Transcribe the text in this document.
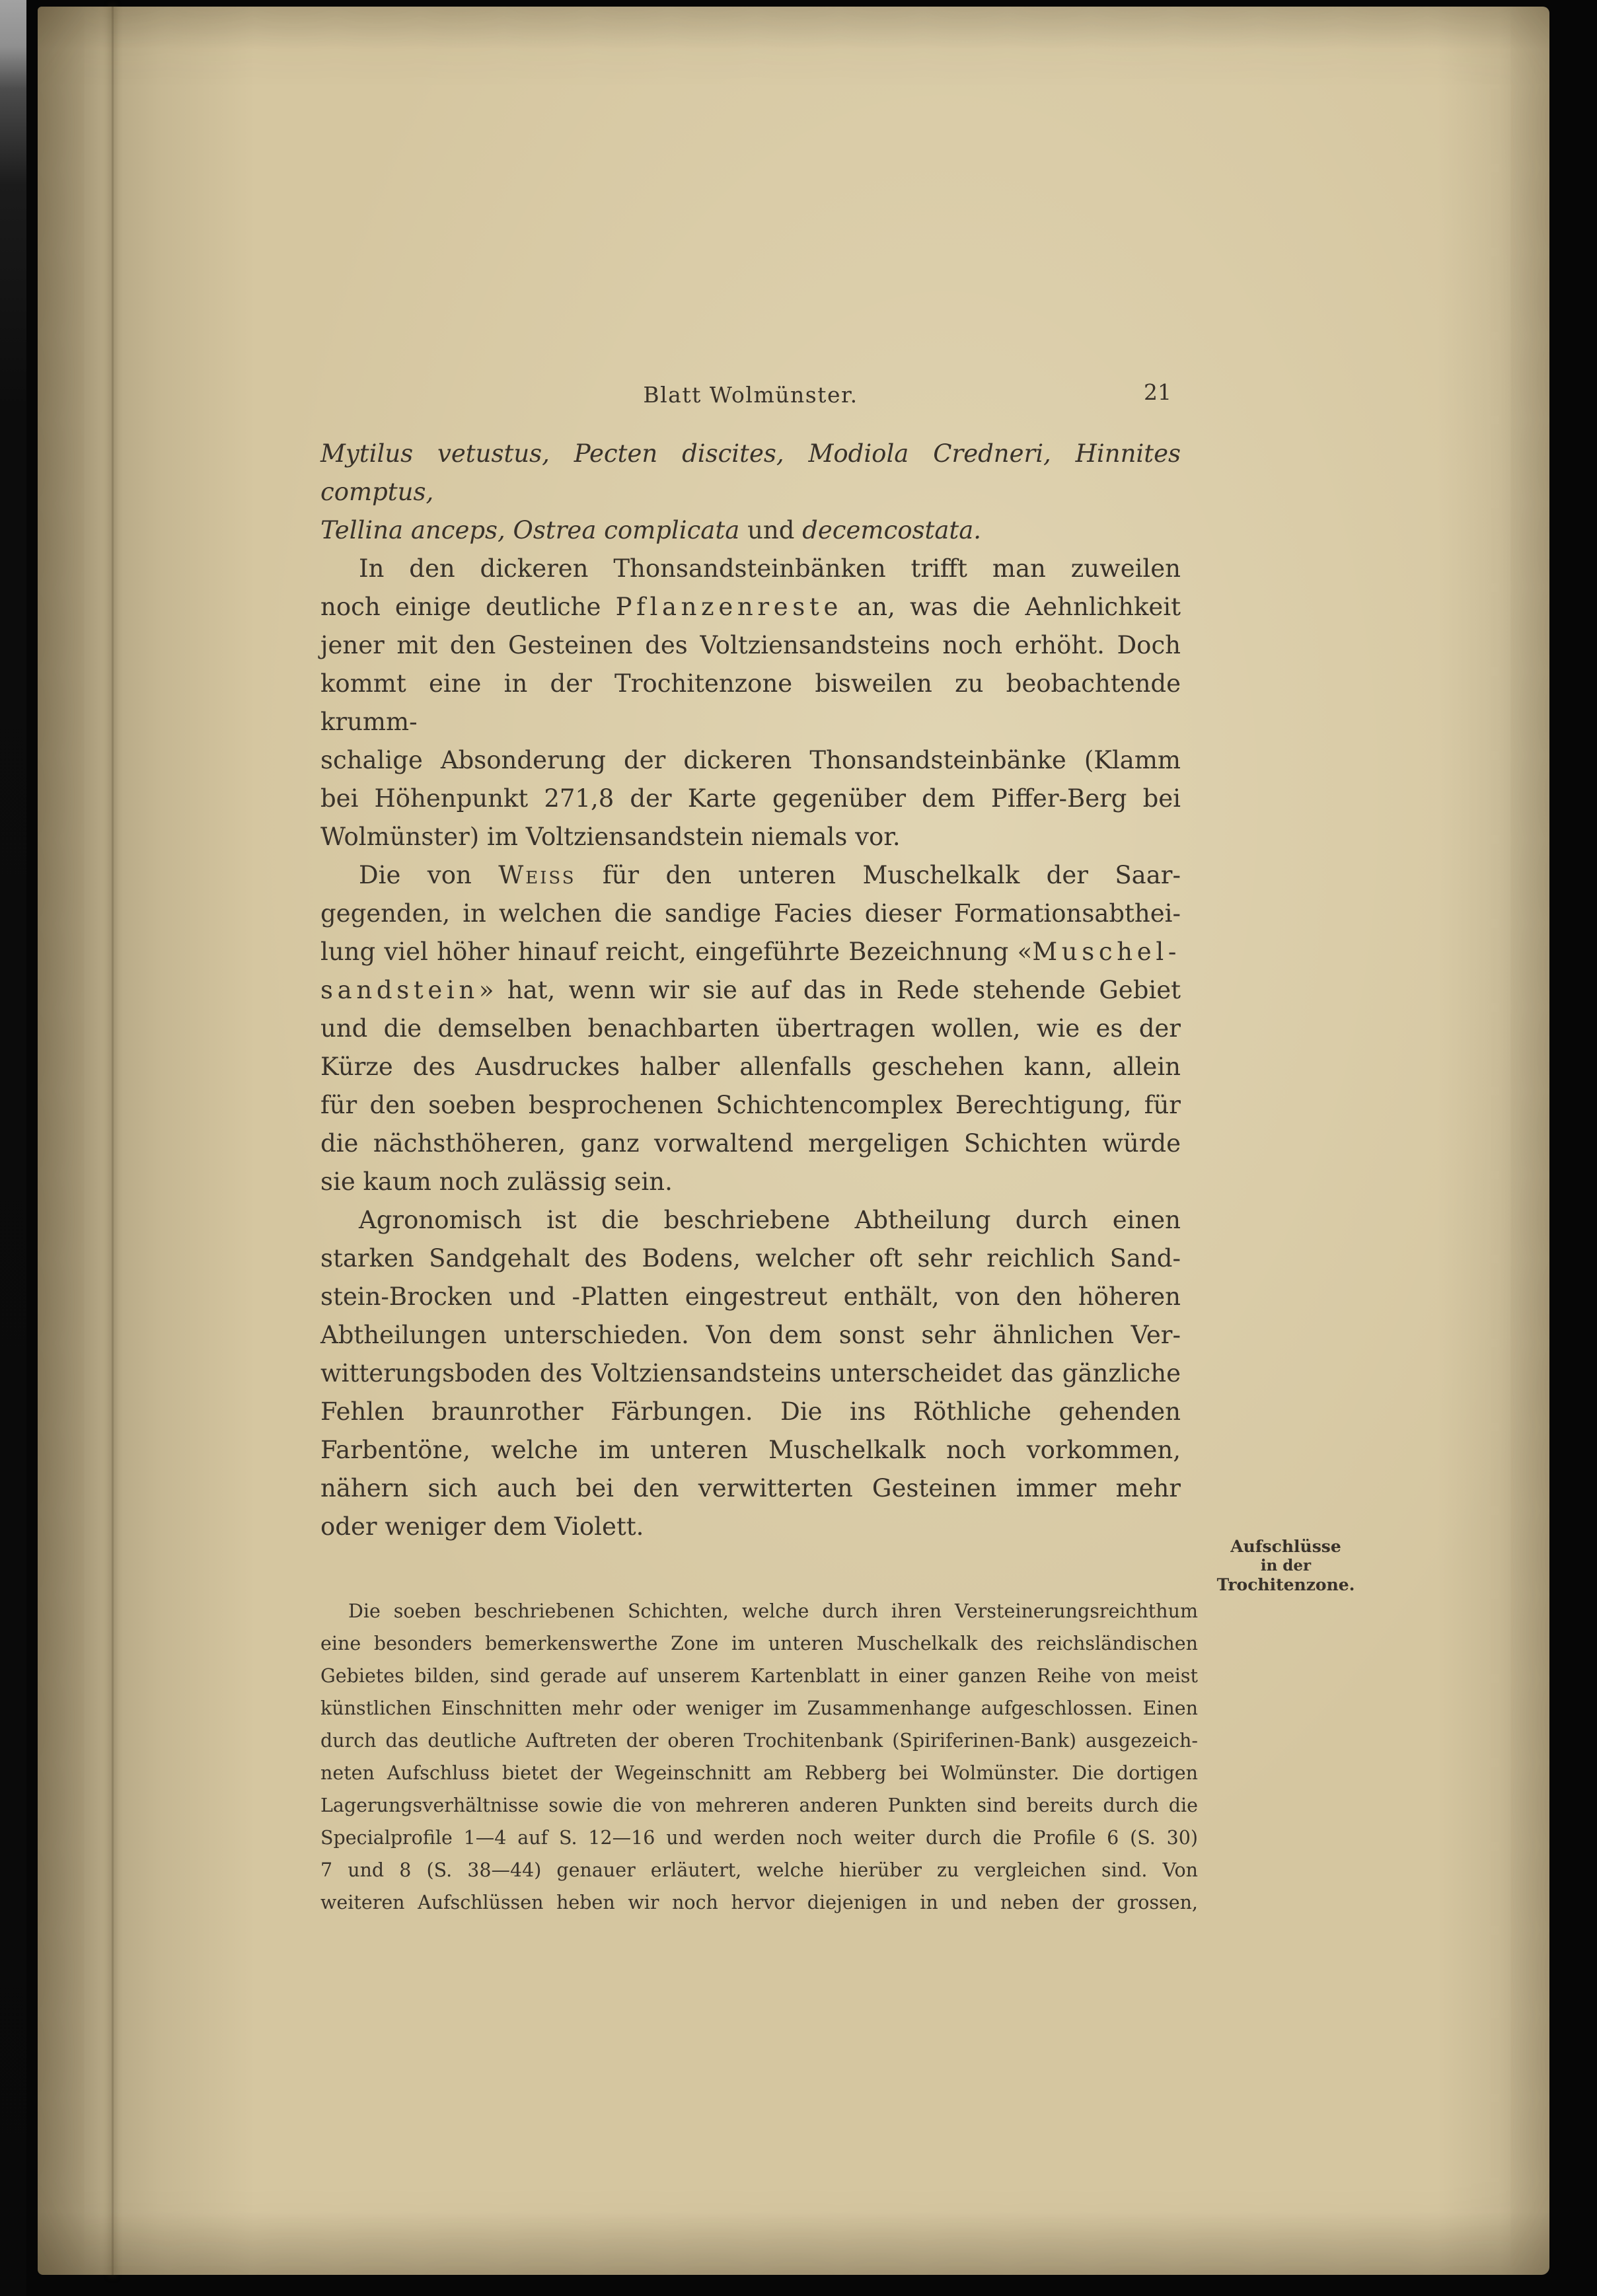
Blatt Wolmünster.	21
Mytilus vetustus, Pecten discites, Modiola Credneri, Hinnites comptus,
Tellina anceps, Ostrea complicata und decemcostata.
In den dickeren Thonsandsteinbänken trifft man zuweilen
noch einige deutliche Pflanzenreste an, was die Aehnlichkeit
jener mit den Gesteinen des Voltziensandsteins noch erhöht. Doch
kommt eine in der Trochitenzone bisweilen zu beobachtende krumm-
schalige Absonderung der dickeren Thonsandsteinbänke (Klamm
bei Höhenpunkt 271,8 der Karte gegenüber dem Piffer-Berg bei
Wolmünster) im Voltziensandstein niemals vor.
Die von Weiss für den unteren Muschelkalk der Saar-
gegenden, in welchen die sandige Facies dieser Formationsabthei-
lung viel höher hinauf reicht, eingeführte Bezeichnung «Muschel-
sandstein» hat, wenn wir sie auf das in Rede stehende Gebiet
und die demselben benachbarten übertragen wollen, wie es der
Kürze des Ausdruckes halber allenfalls geschehen kann, allein
für den soeben besprochenen Schichtencomplex Berechtigung, für
die nächsthöheren, ganz vorwaltend mergeligen Schichten würde
sie kaum noch zulässig sein.
Agronomisch ist die beschriebene Abtheilung durch einen
starken Sandgehalt des Bodens, welcher oft sehr reichlich Sand-
stein-Brocken und -Platten eingestreut enthält, von den höheren
Abtheilungen unterschieden. Von dem sonst sehr ähnlichen Ver-
witterungsboden des Voltziensandsteins unterscheidet das gänzliche
Fehlen braunrother Färbungen. Die ins Röthliche gehenden
Farbentöne, welche im unteren Muschelkalk noch vorkommen,
nähern sich auch bei den verwitterten Gesteinen immer mehr
oder weniger dem Violett.
Die soeben beschriebenen Schichten, welche durch ihren Versteinerungsreichthum
eine besonders bemerkenswerthe Zone im unteren Muschelkalk des reichsländischen
Gebietes bilden, sind gerade auf unserem Kartenblatt in einer ganzen Reihe von meist
künstlichen Einschnitten mehr oder weniger im Zusammenhange aufgeschlossen. Einen
durch das deutliche Auftreten der oberen Trochitenbank (Spiriferinen-Bank) ausgezeich-
neten Aufschluss bietet der Wegeinschnitt am Rebberg bei Wolmünster. Die dortigen
Lagerungsverhältnisse sowie die von mehreren anderen Punkten sind bereits durch die
Specialprofile 1—4 auf S. 12—16 und werden noch weiter durch die Profile 6 (S. 30)
7 und 8 (S. 38—44) genauer erläutert, welche hierüber zu vergleichen sind. Von
weiteren Aufschlüssen heben wir noch hervor diejenigen in und neben der grossen,
Aufschlüsse
in der
Trochitenzone.
